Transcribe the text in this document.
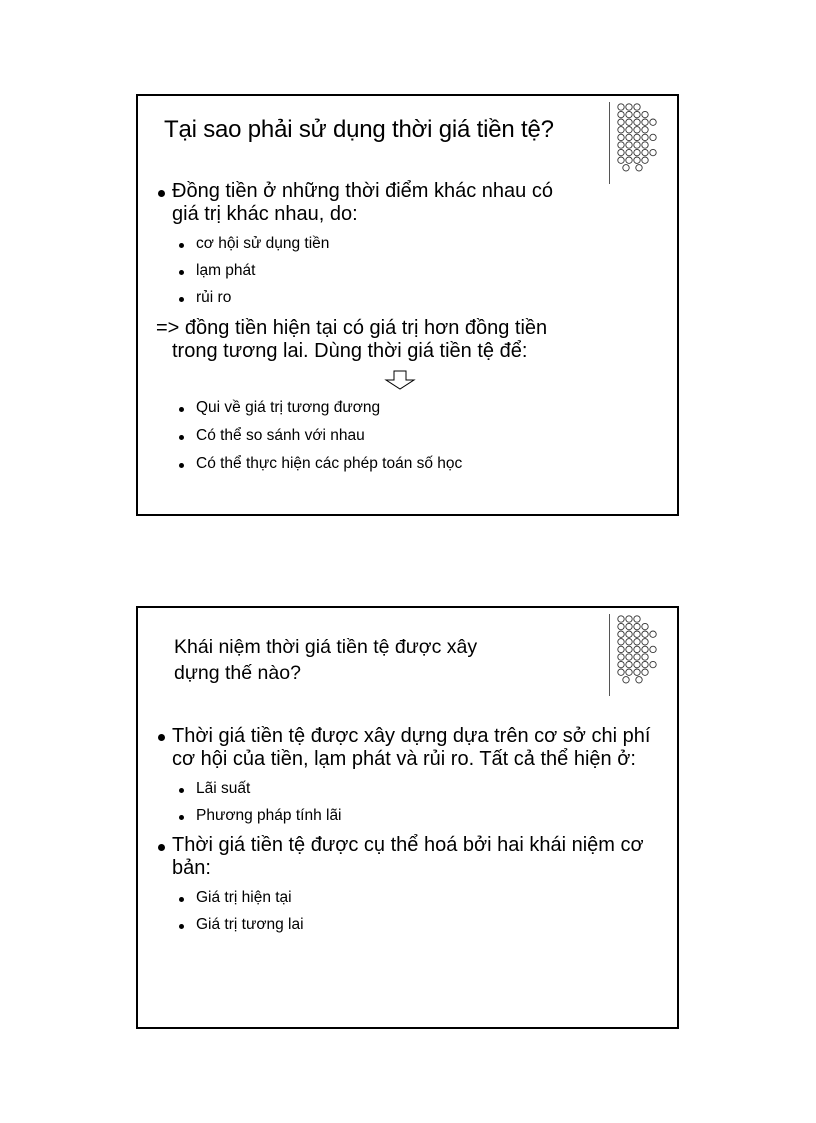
Tại sao phải sử dụng thời giá tiền tệ?
Đồng tiền ở những thời điểm khác nhau có
giá trị khác nhau, do:
cơ hội sử dụng tiền
lạm phát
rủi ro
=> đồng tiền hiện tại có giá trị hơn đồng tiền
trong tương lai. Dùng thời giá tiền tệ để:
Qui về giá trị tương đương
Có thể so sánh với nhau
Có thể thực hiện các phép toán số học
Khái niệm thời giá tiền tệ được xây
dựng thế nào?
Thời giá tiền tệ được xây dựng dựa trên cơ sở chi phí
cơ hội của tiền, lạm phát và rủi ro. Tất cả thể hiện ở:
Lãi suất
Phương pháp tính lãi
Thời giá tiền tệ được cụ thể hoá bởi hai khái niệm cơ
bản:
Giá trị hiện tại
Giá trị tương lai
